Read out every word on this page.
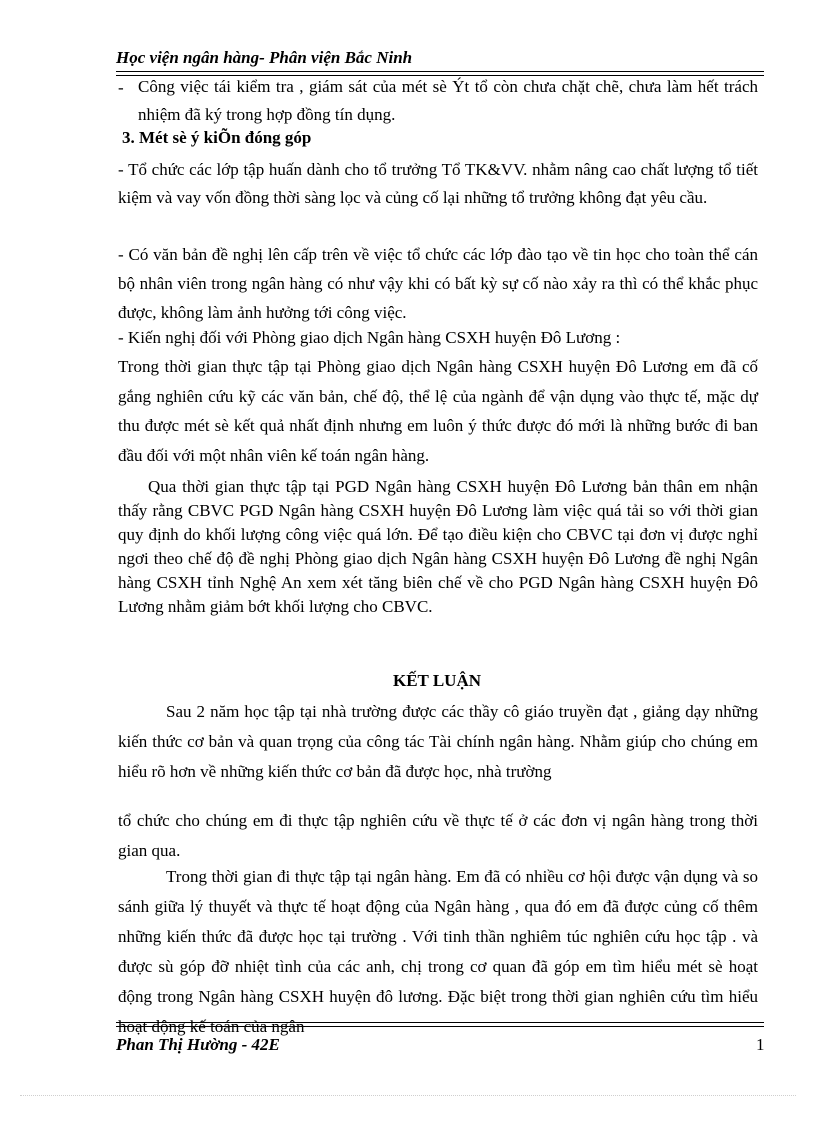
Học viện ngân hàng- Phân viện Bắc Ninh
- Công việc tái kiểm tra , giám sát của mét sè Ýt tổ còn chưa chặt chẽ, chưa làm hết trách nhiệm đã ký trong hợp đồng tín dụng.
3. Mét sè ý kiÕn đóng góp
- Tổ chức các lớp tập huấn dành cho tổ trưởng Tổ TK&VV. nhằm nâng cao chất lượng tổ tiết kiệm và vay vốn đồng thời sàng lọc và củng cố lại những tổ trưởng không đạt yêu cầu.
- Có văn bản đề nghị lên cấp trên về việc tổ chức các lớp đào tạo về tin học cho toàn thể cán bộ nhân viên trong ngân hàng có như vậy khi có bất kỳ sự cố nào xảy ra thì có thể khắc phục được, không làm ảnh hưởng tới công việc.
- Kiến nghị đối với Phòng giao dịch Ngân hàng CSXH huyện Đô Lương :
Trong thời gian thực tập tại Phòng giao dịch Ngân hàng CSXH huyện Đô Lương em đã cố gắng nghiên cứu kỹ các văn bản, chế độ, thể lệ của ngành để vận dụng vào thực tế, mặc dự thu được mét sè kết quả nhất định nhưng em luôn ý thức được đó mới là những bước đi ban đầu đối với một nhân viên kế toán ngân hàng.
Qua thời gian thực tập tại PGD Ngân hàng CSXH huyện Đô Lương bản thân em nhận thấy rằng CBVC PGD Ngân hàng CSXH huyện Đô Lương làm việc quá tải so với thời gian quy định do khối lượng công việc quá lớn. Để tạo điều kiện cho CBVC tại đơn vị được nghỉ ngơi theo chế độ đề nghị Phòng giao dịch Ngân hàng CSXH huyện Đô Lương đề nghị Ngân hàng CSXH tỉnh Nghệ An xem xét tăng biên chế về cho PGD Ngân hàng CSXH huyện Đô Lương nhằm giảm bớt khối lượng cho CBVC.
KẾT LUẬN
Sau 2 năm học tập tại nhà trường được các thầy cô giáo truyền đạt , giảng dạy những kiến thức cơ bản và quan trọng của công tác Tài chính ngân hàng. Nhằm giúp cho chúng em hiểu rõ hơn về những kiến thức cơ bản đã được học, nhà trường
tổ chức cho chúng em đi thực tập nghiên cứu về thực tế ở các đơn vị ngân hàng trong thời gian qua.
Trong thời gian đi thực tập tại ngân hàng. Em đã có nhiều cơ hội được vận dụng và so sánh giữa lý thuyết và thực tế hoạt động của Ngân hàng , qua đó em đã được củng cố thêm những kiến thức đã được học tại trường . Với tinh thần nghiêm túc nghiên cứu học tập . và được sù góp đỡ nhiệt tình của các anh, chị trong cơ quan đã góp em tìm hiểu mét sè hoạt động trong Ngân hàng CSXH huyện đô lương. Đặc biệt trong thời gian nghiên cứu tìm hiểu hoạt động kế toán của ngân
Phan Thị Hường - 42E	1
